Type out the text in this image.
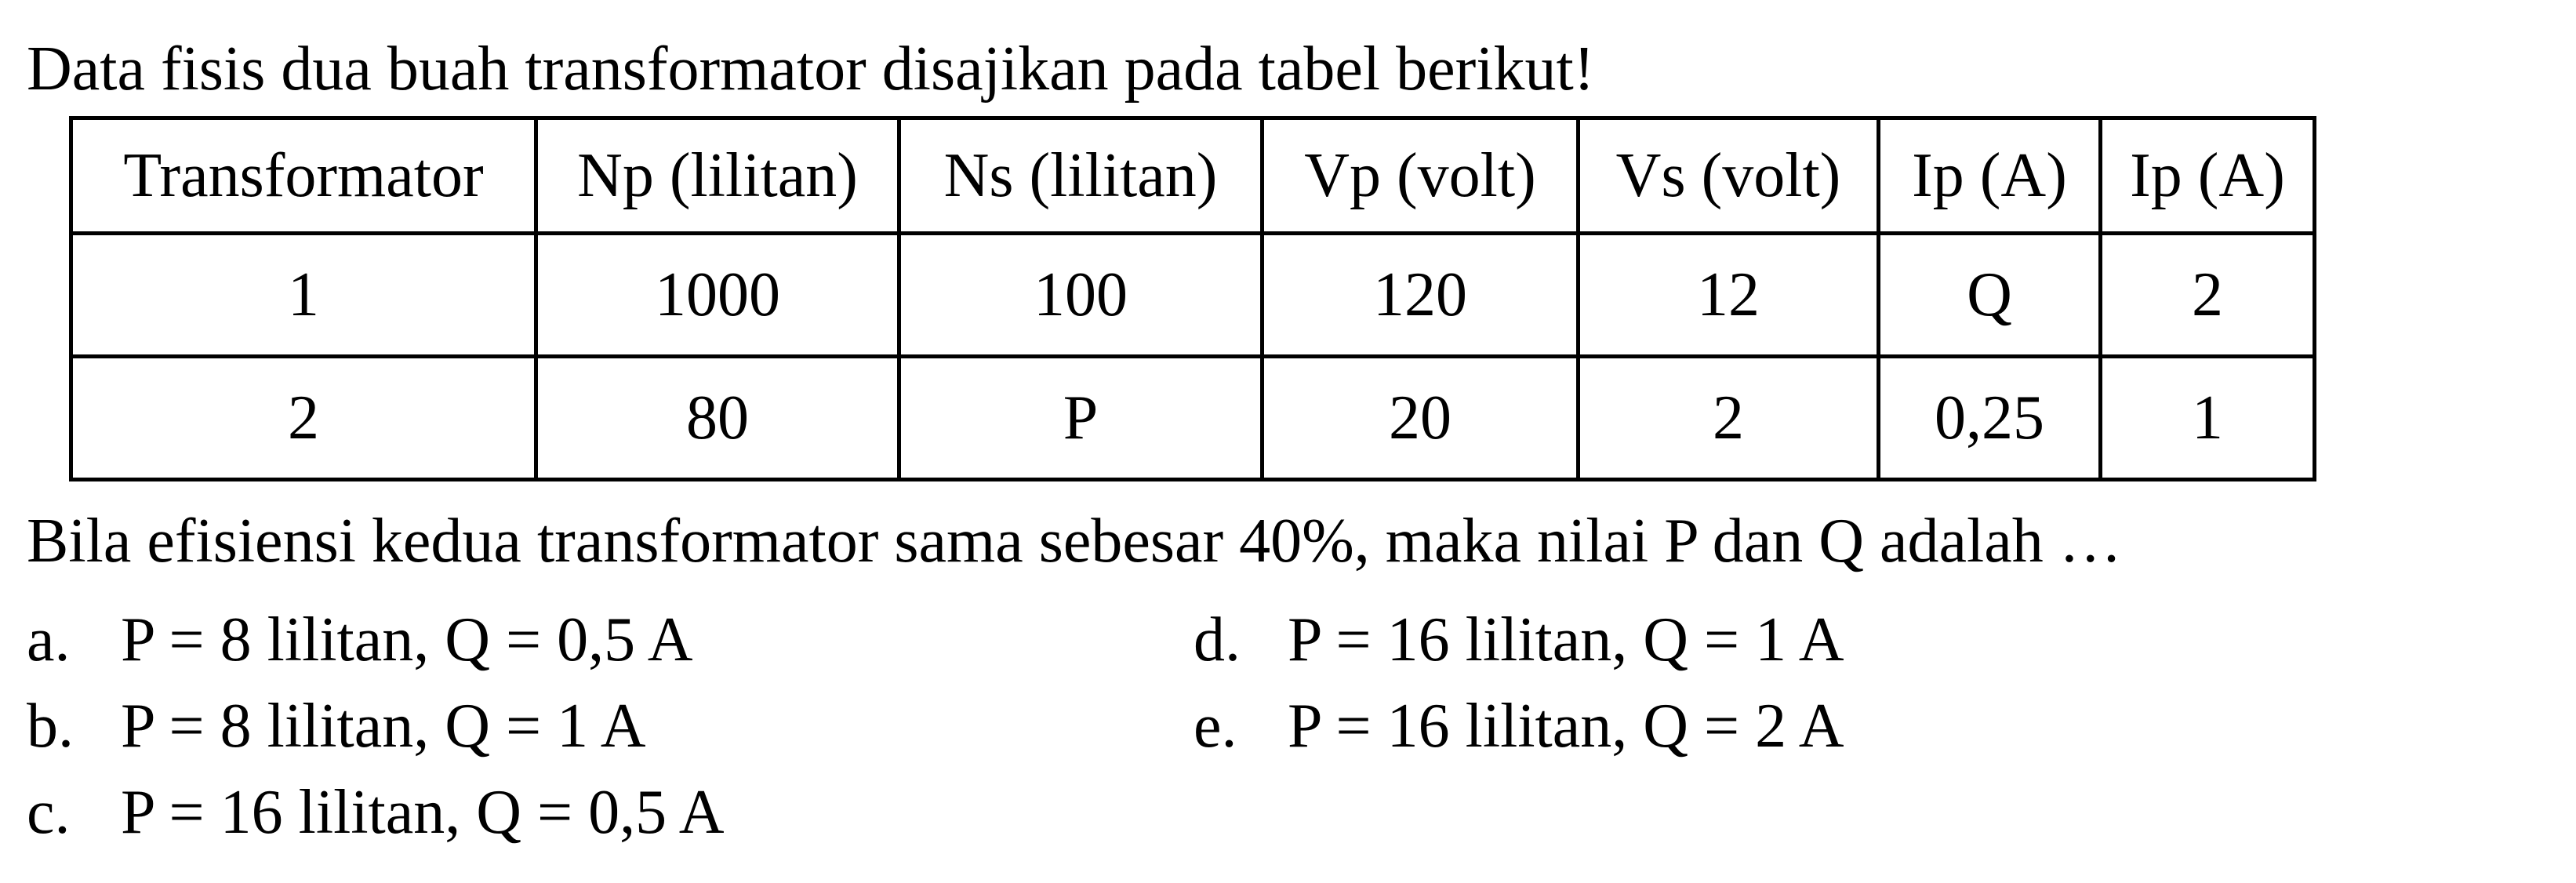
Data fisis dua buah transformator disajikan pada tabel berikut!
Transformator	Np (lilitan)	Ns (lilitan)	Vp (volt)	Vs (volt)	Ip (A)	Ip (A)
1	1000	100	120	12	Q	2
2	80	P	20	2	0,25	1
Bila efisiensi kedua transformator sama sebesar 40%, maka nilai P dan Q adalah …
a. P = 8 lilitan, Q = 0,5 A
b. P = 8 lilitan, Q = 1 A
c. P = 16 lilitan, Q = 0,5 A
d. P = 16 lilitan, Q = 1 A
e. P = 16 lilitan, Q = 2 A
